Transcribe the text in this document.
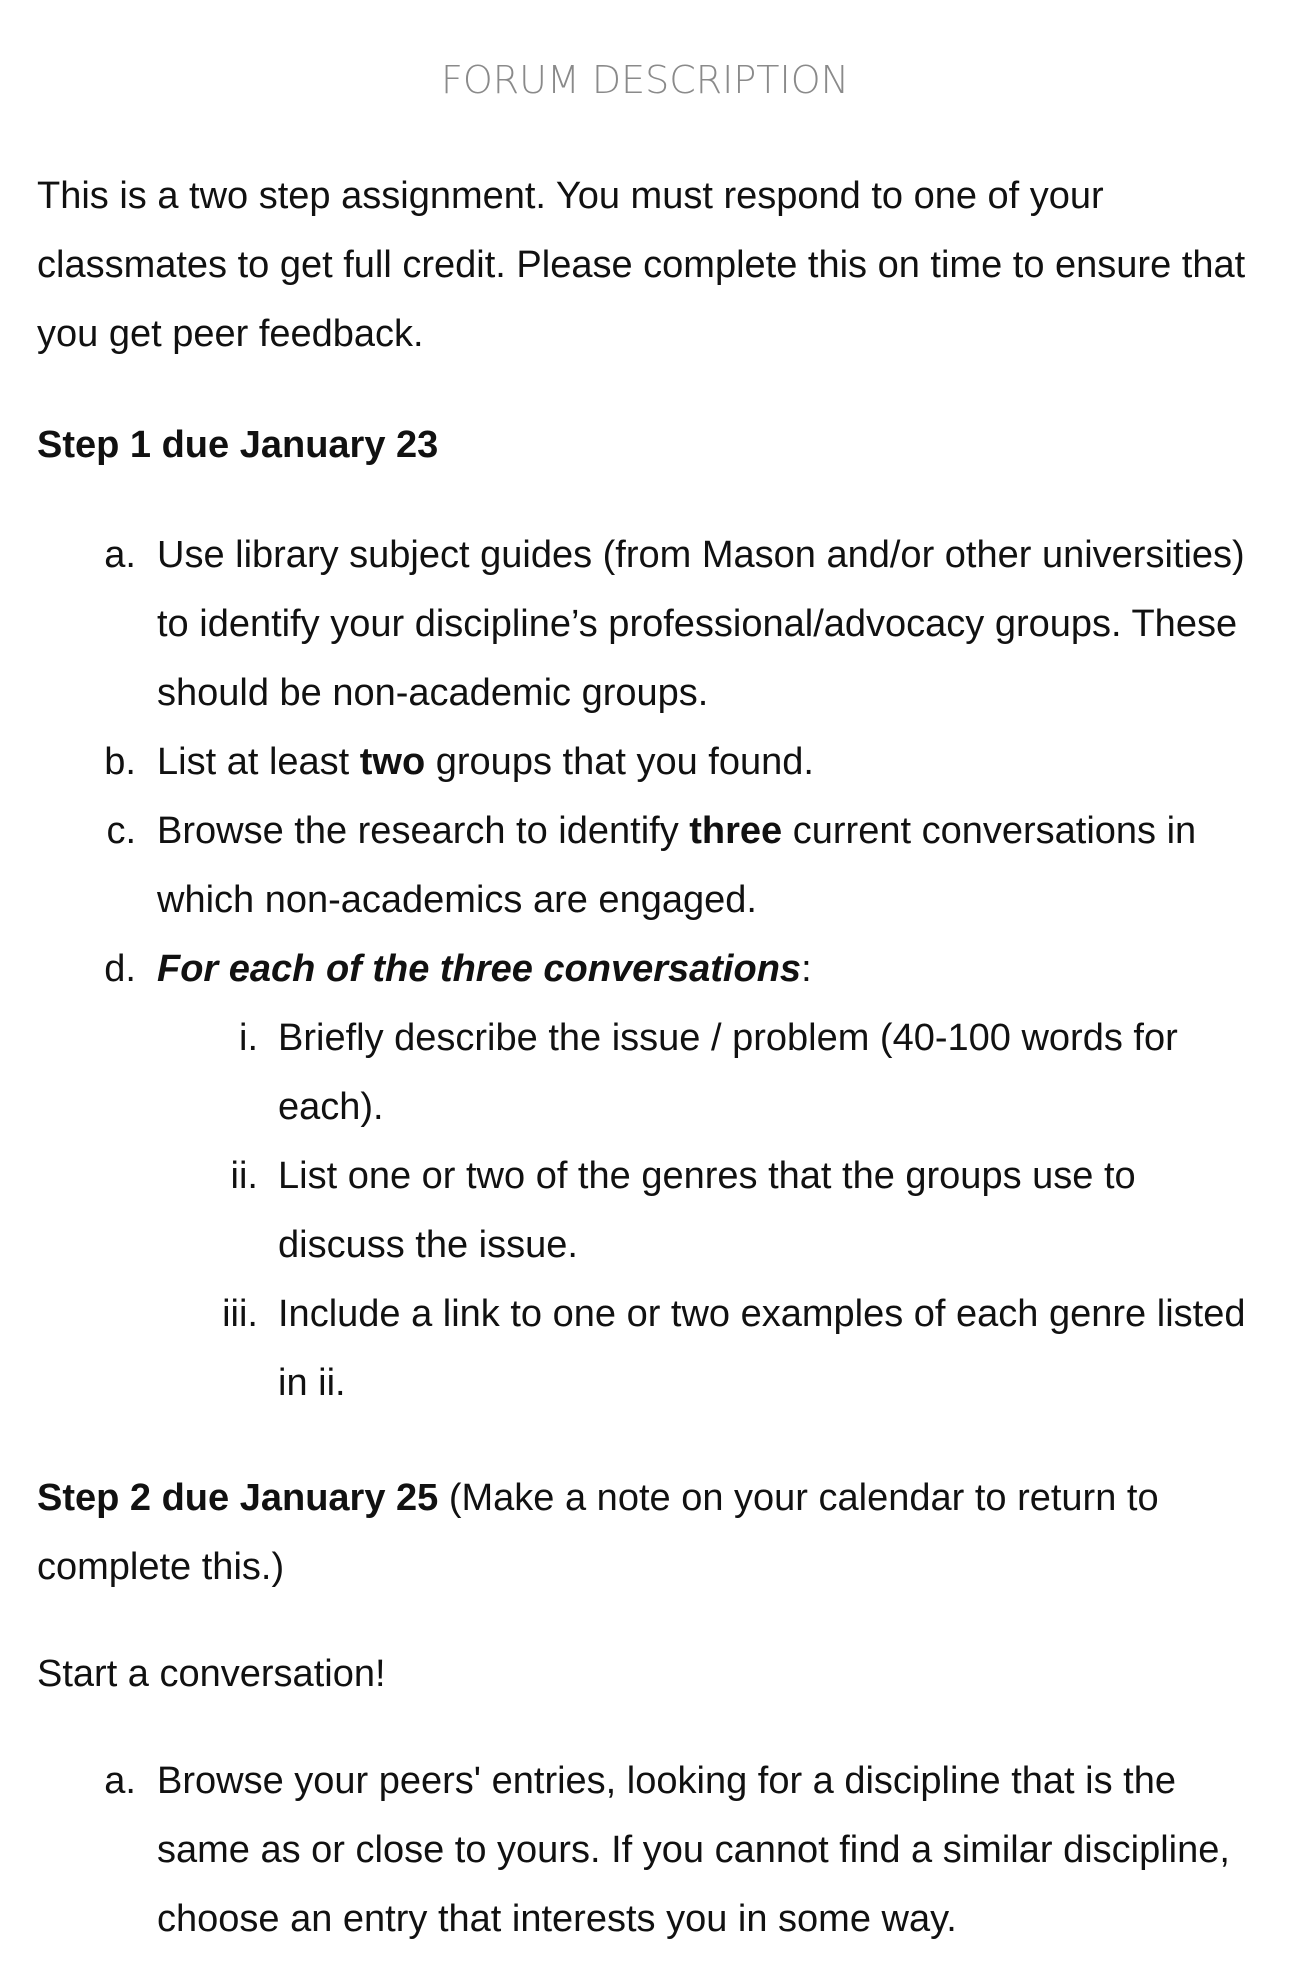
FORUM DESCRIPTION
This is a two step assignment. You must respond to one of your classmates to get full credit. Please complete this on time to ensure that you get peer feedback.
Step 1 due January 23
a. Use library subject guides (from Mason and/or other universities) to identify your discipline’s professional/advocacy groups. These should be non-academic groups.
b. List at least two groups that you found.
c. Browse the research to identify three current conversations in which non-academics are engaged.
d. For each of the three conversations:
i. Briefly describe the issue / problem (40-100 words for each).
ii. List one or two of the genres that the groups use to discuss the issue.
iii. Include a link to one or two examples of each genre listed in ii.
Step 2 due January 25 (Make a note on your calendar to return to complete this.)
Start a conversation!
a. Browse your peers' entries, looking for a discipline that is the same as or close to yours. If you cannot find a similar discipline, choose an entry that interests you in some way.
